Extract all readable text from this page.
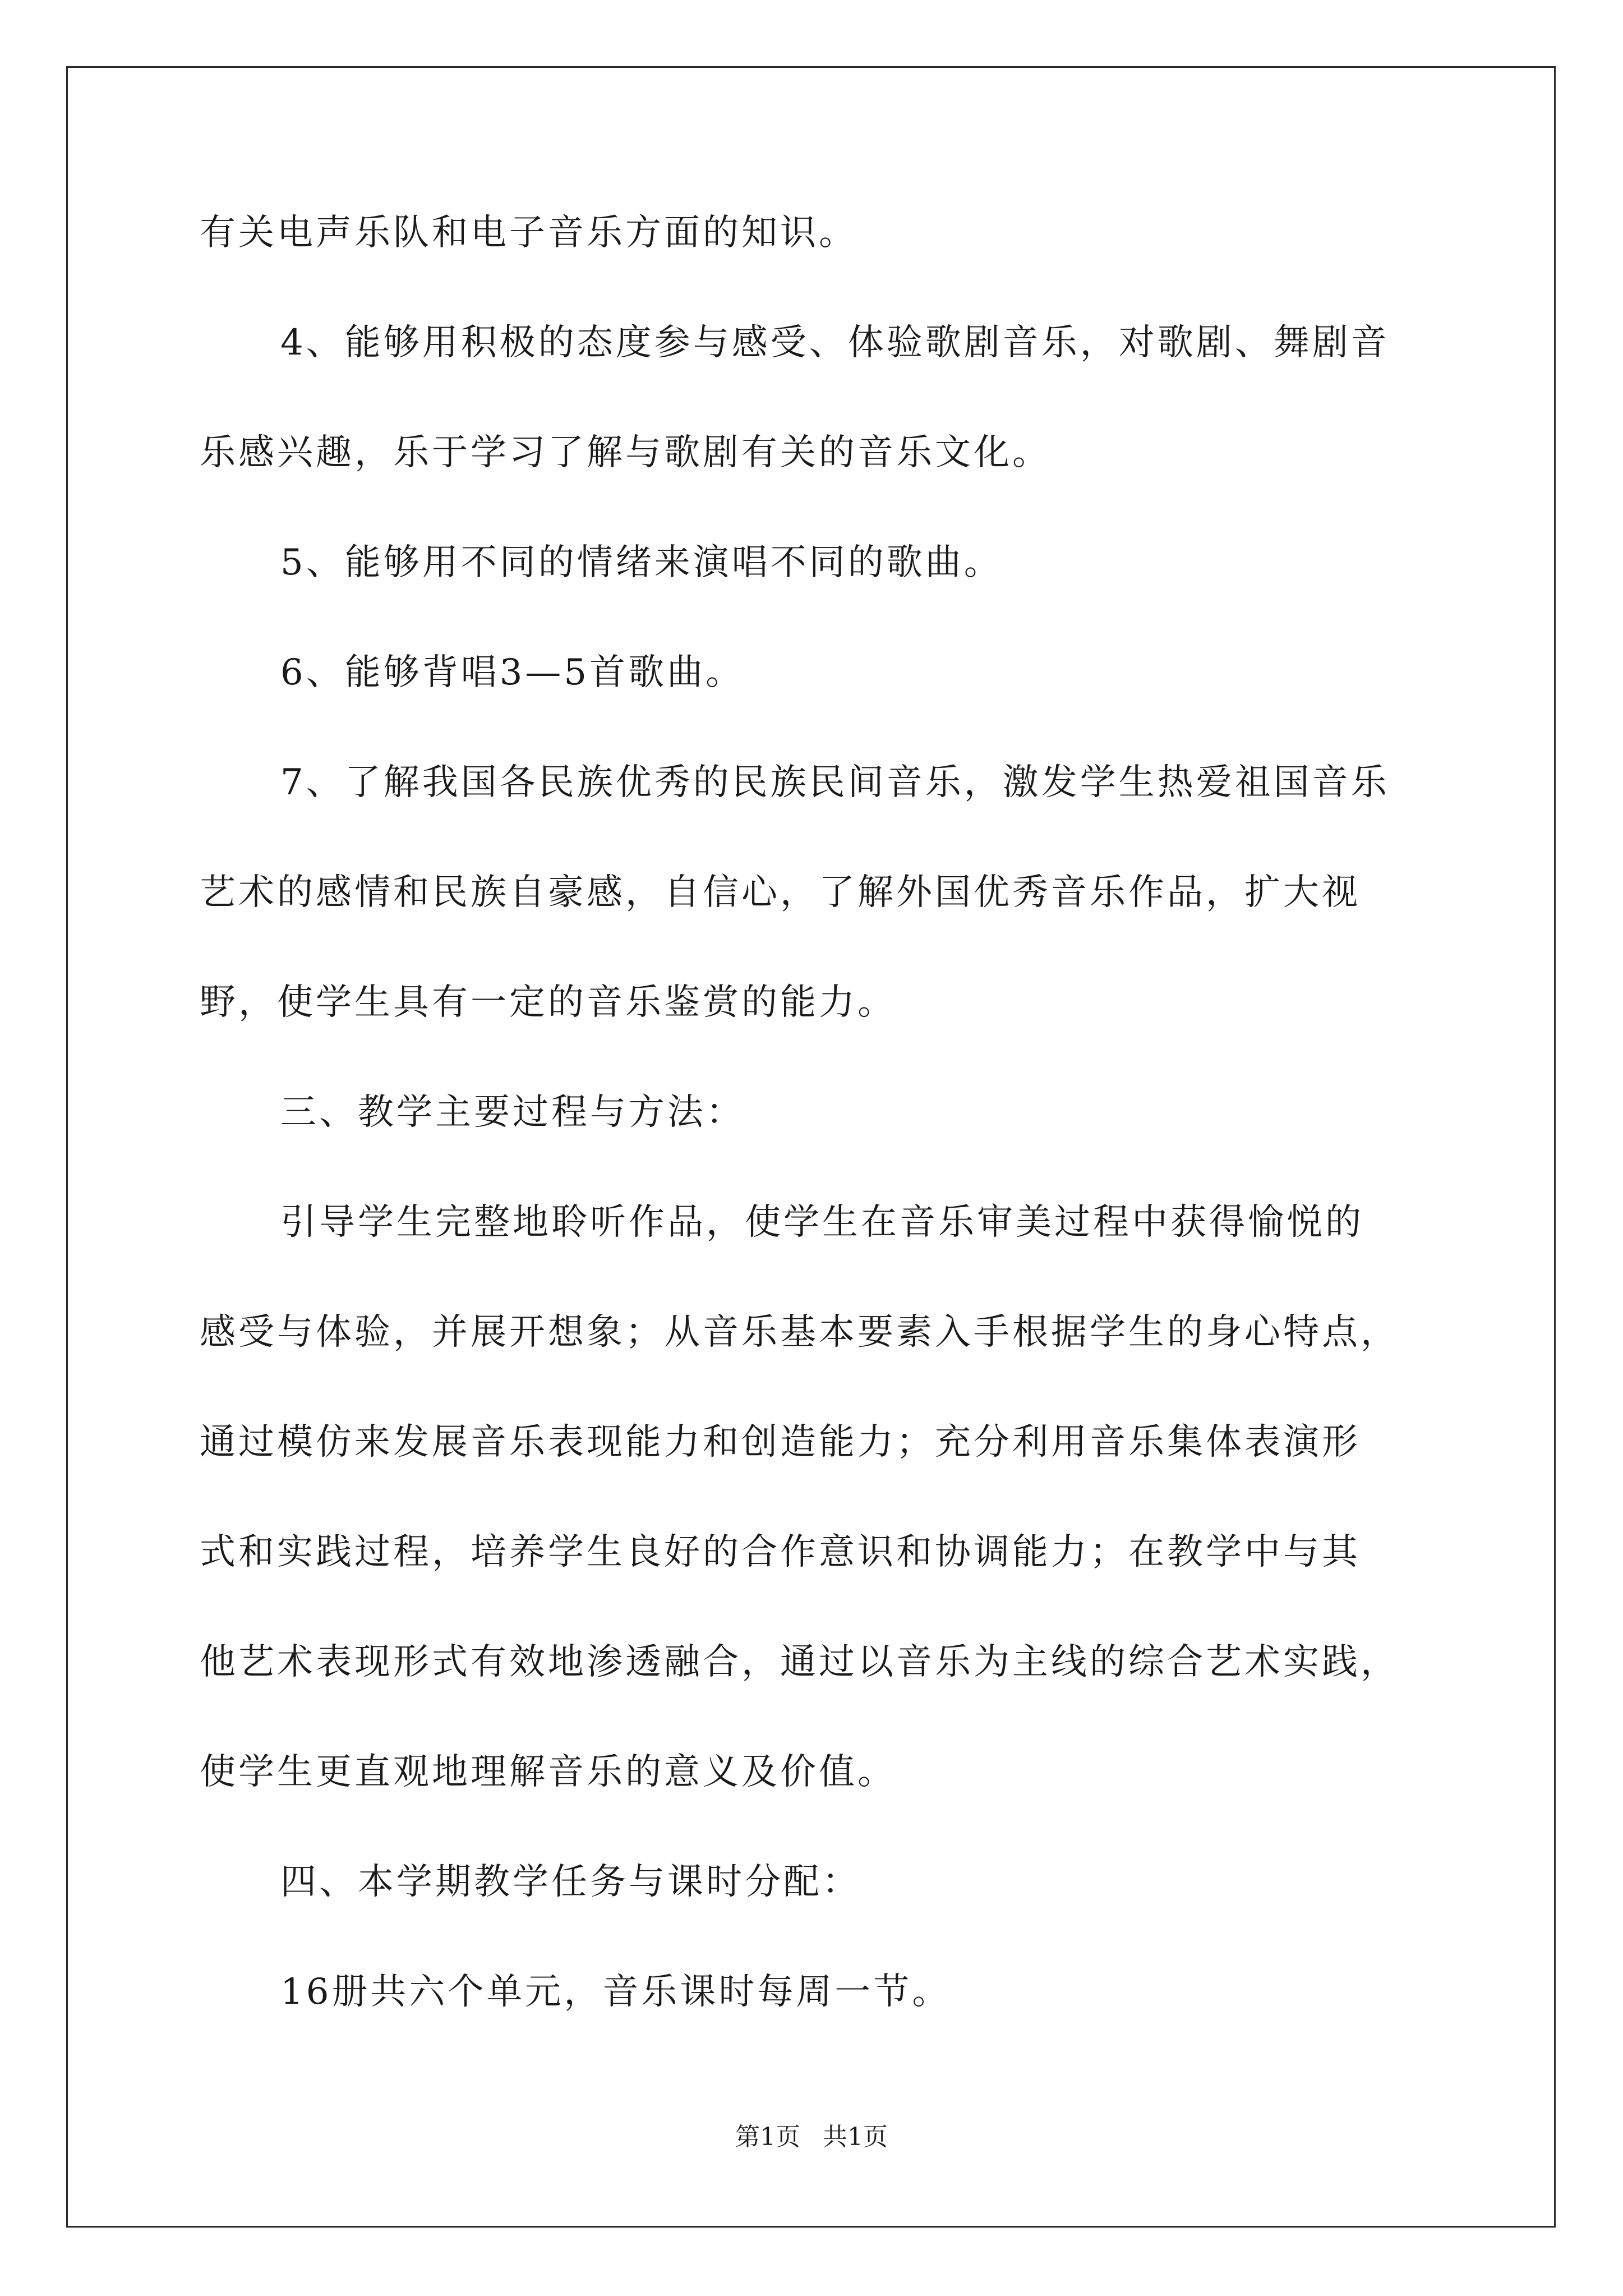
有关电声乐队和电子音乐方面的知识。
4、能够用积极的态度参与感受、体验歌剧音乐，对歌剧、舞剧音
乐感兴趣，乐于学习了解与歌剧有关的音乐文化。
5、能够用不同的情绪来演唱不同的歌曲。
6、能够背唱3—5首歌曲。
7、了解我国各民族优秀的民族民间音乐，激发学生热爱祖国音乐
艺术的感情和民族自豪感，自信心，了解外国优秀音乐作品，扩大视
野，使学生具有一定的音乐鉴赏的能力。
三、教学主要过程与方法：
引导学生完整地聆听作品，使学生在音乐审美过程中获得愉悦的
感受与体验，并展开想象；从音乐基本要素入手根据学生的身心特点，
通过模仿来发展音乐表现能力和创造能力；充分利用音乐集体表演形
式和实践过程，培养学生良好的合作意识和协调能力；在教学中与其
他艺术表现形式有效地渗透融合，通过以音乐为主线的综合艺术实践，
使学生更直观地理解音乐的意义及价值。
四、本学期教学任务与课时分配：
16册共六个单元，音乐课时每周一节。
第1页 共1页
